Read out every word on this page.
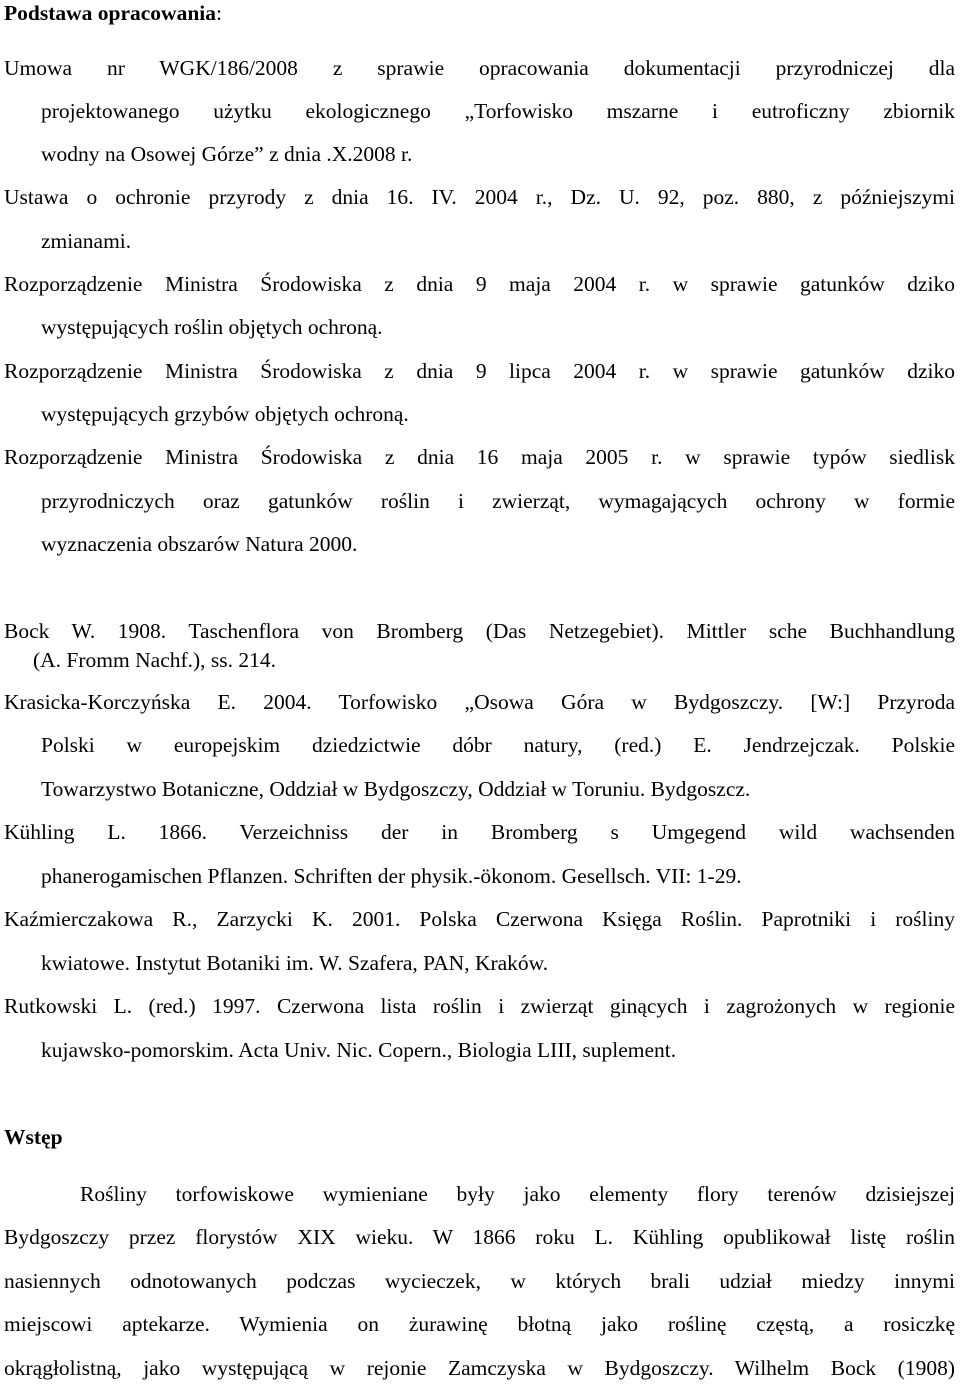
Podstawa opracowania:
Umowa nr WGK/186/2008 z sprawie opracowania dokumentacji przyrodniczej dla
projektowanego użytku ekologicznego „Torfowisko mszarne i eutroficzny zbiornik
wodny na Osowej Górze” z dnia .X.2008 r.
Ustawa o ochronie przyrody z dnia 16. IV. 2004 r., Dz. U. 92, poz. 880, z późniejszymi
zmianami.
Rozporządzenie Ministra Środowiska z dnia 9 maja 2004 r. w sprawie gatunków dziko
występujących roślin objętych ochroną.
Rozporządzenie Ministra Środowiska z dnia 9 lipca 2004 r. w sprawie gatunków dziko
występujących grzybów objętych ochroną.
Rozporządzenie Ministra Środowiska z dnia 16 maja 2005 r. w sprawie typów siedlisk
przyrodniczych oraz gatunków roślin i zwierząt, wymagających ochrony w formie
wyznaczenia obszarów Natura 2000.
Bock W. 1908. Taschenflora von Bromberg (Das Netzegebiet). Mittler sche Buchhandlung
(A. Fromm Nachf.), ss. 214.
Krasicka-Korczyńska E. 2004. Torfowisko „Osowa Góra w Bydgoszczy. [W:] Przyroda
Polski w europejskim dziedzictwie dóbr natury, (red.) E. Jendrzejczak. Polskie
Towarzystwo Botaniczne, Oddział w Bydgoszczy, Oddział w Toruniu. Bydgoszcz.
Kühling L. 1866. Verzeichniss der in Bromberg s Umgegend wild wachsenden
phanerogamischen Pflanzen. Schriften der physik.-ökonom. Gesellsch. VII: 1-29.
Kaźmierczakowa R., Zarzycki K. 2001. Polska Czerwona Księga Roślin. Paprotniki i rośliny
kwiatowe. Instytut Botaniki im. W. Szafera, PAN, Kraków.
Rutkowski L. (red.) 1997. Czerwona lista roślin i zwierząt ginących i zagrożonych w regionie
kujawsko-pomorskim. Acta Univ. Nic. Copern., Biologia LIII, suplement.
Wstęp
Rośliny torfowiskowe wymieniane były jako elementy flory terenów dzisiejszej
Bydgoszczy przez florystów XIX wieku. W 1866 roku L. Kühling opublikował listę roślin
nasiennych odnotowanych podczas wycieczek, w których brali udział miedzy innymi
miejscowi aptekarze. Wymienia on żurawinę błotną jako roślinę częstą, a rosiczkę
okrągłolistną, jako występującą w rejonie Zamczyska w Bydgoszczy. Wilhelm Bock (1908)
